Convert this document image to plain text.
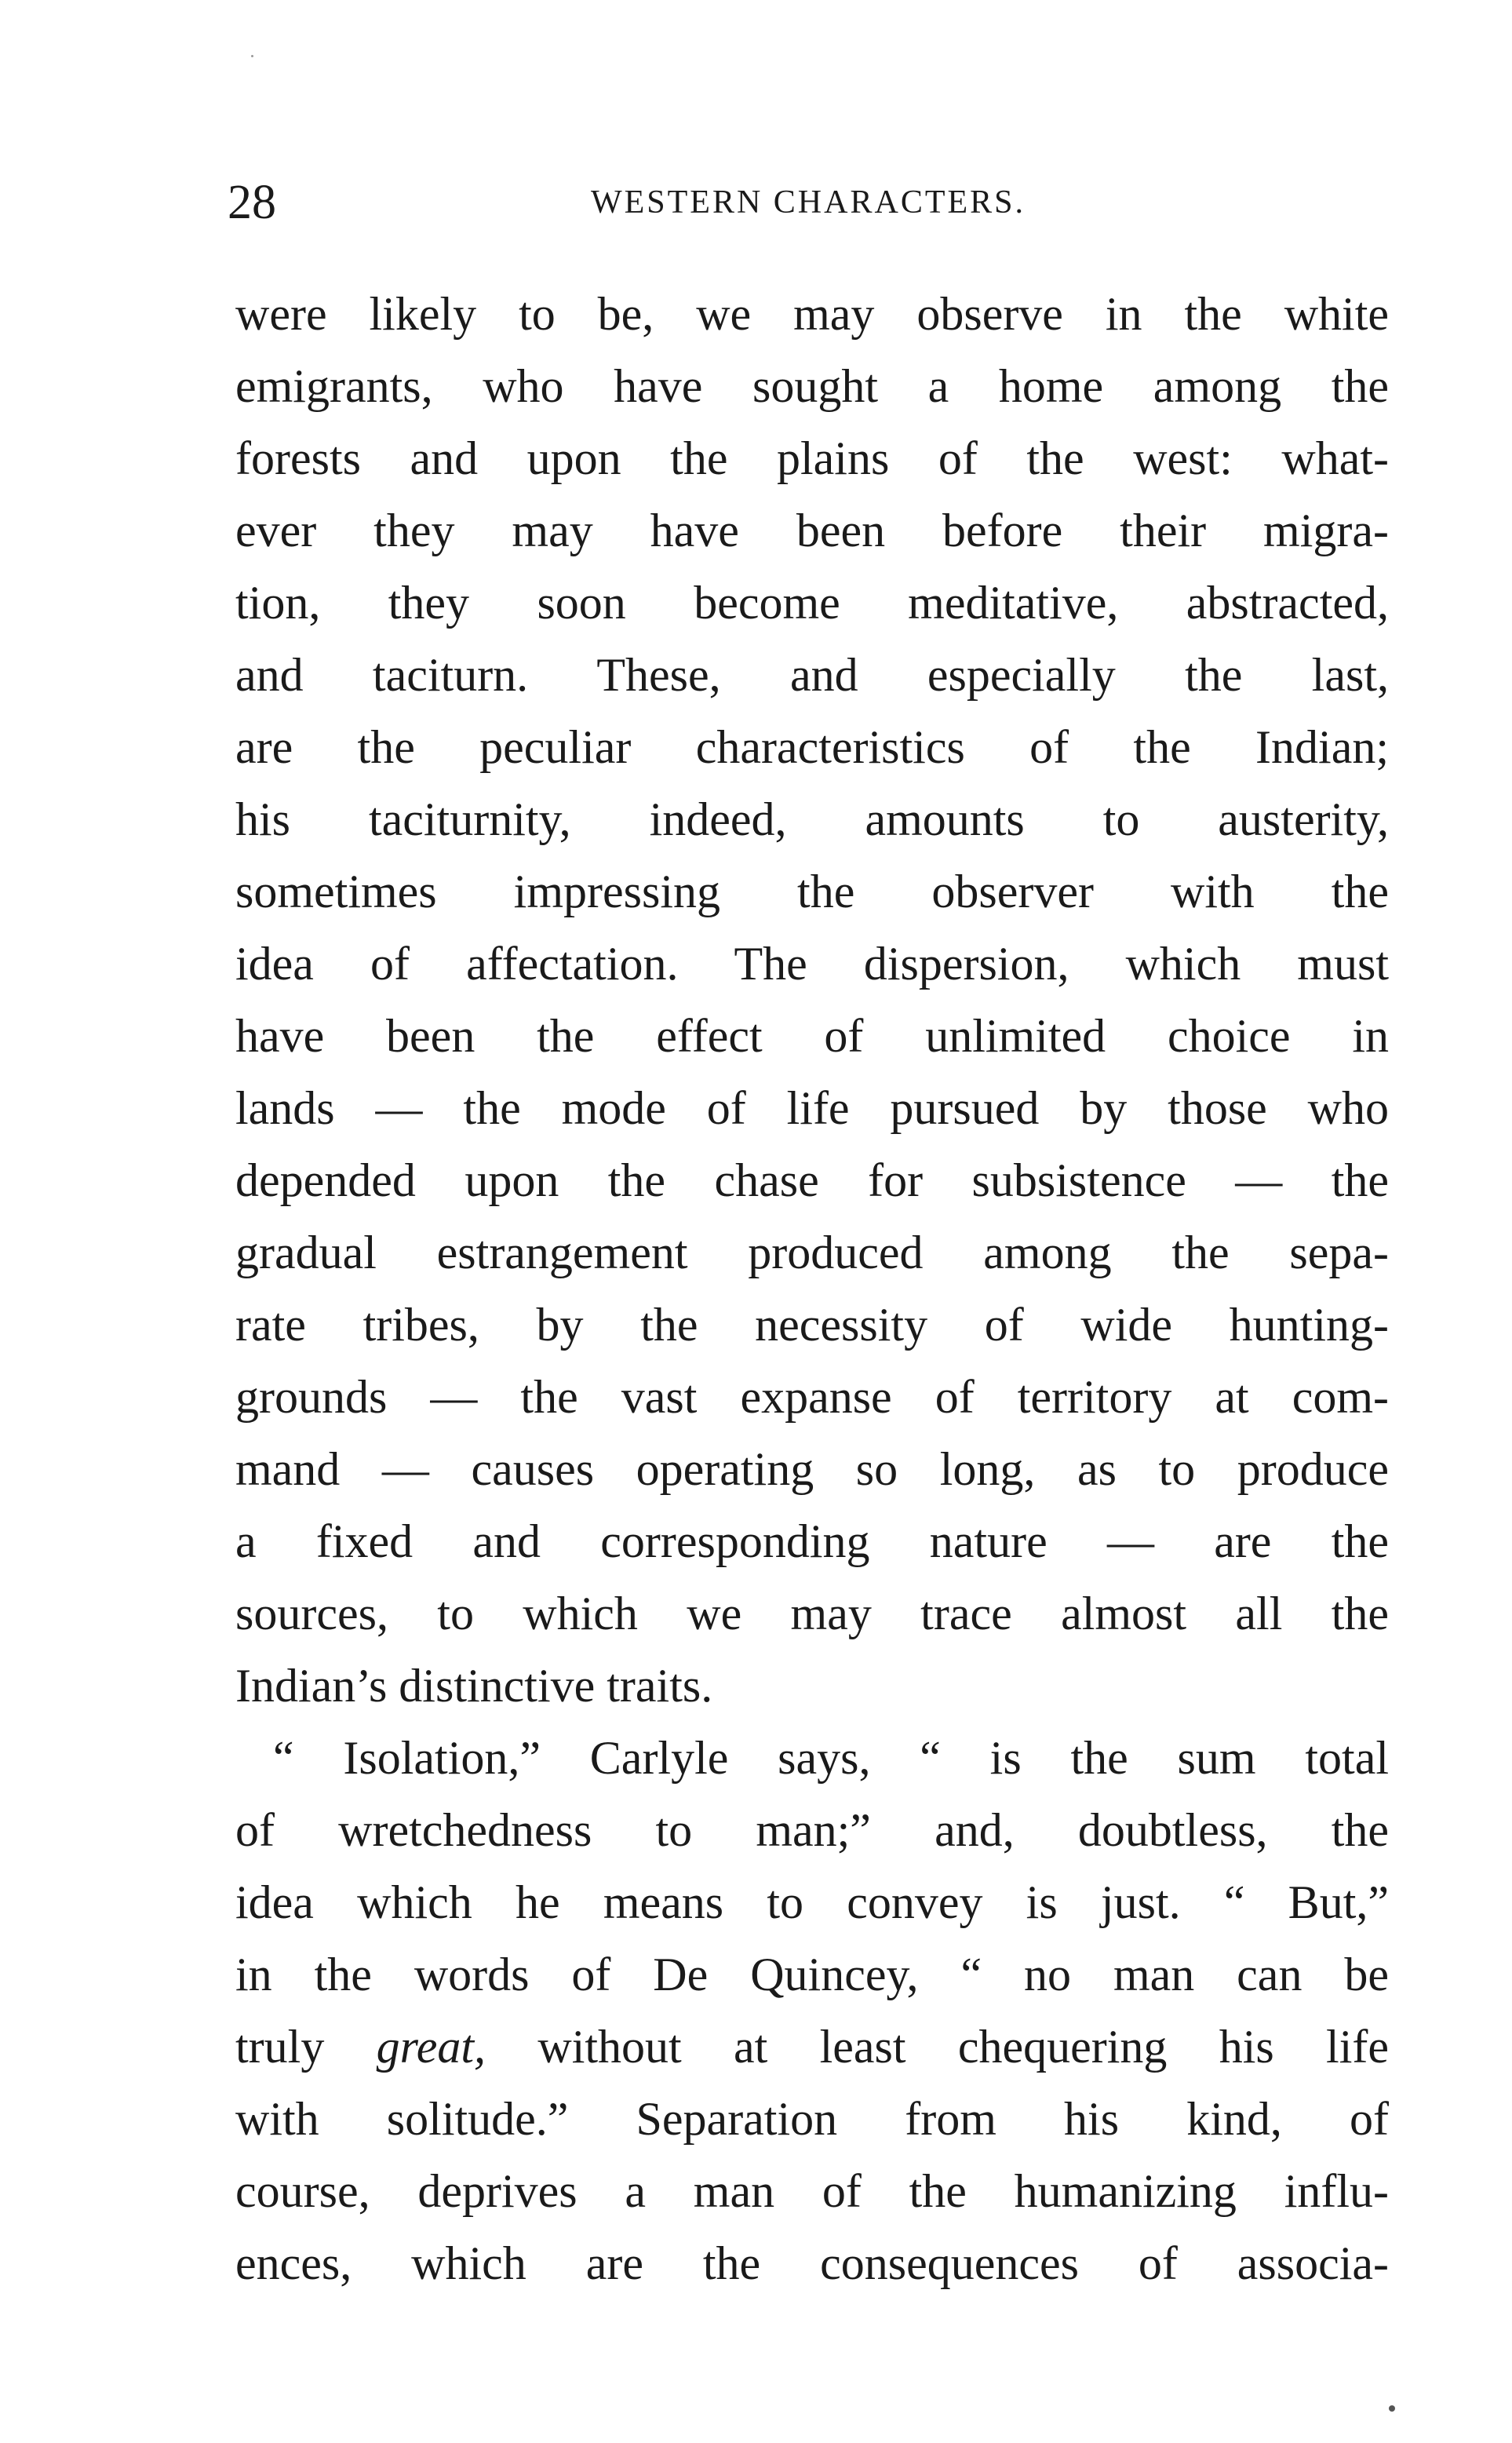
28	WESTERN CHARACTERS.
were likely to be, we may observe in the white
emigrants, who have sought a home among the
forests and upon the plains of the west: what-
ever they may have been before their migra-
tion, they soon become meditative, abstracted,
and taciturn. These, and especially the last,
are the peculiar characteristics of the Indian;
his taciturnity, indeed, amounts to austerity,
sometimes impressing the observer with the
idea of affectation. The dispersion, which must
have been the effect of unlimited choice in
lands — the mode of life pursued by those who
depended upon the chase for subsistence — the
gradual estrangement produced among the sepa-
rate tribes, by the necessity of wide hunting-
grounds — the vast expanse of territory at com-
mand — causes operating so long, as to produce
a fixed and corresponding nature — are the
sources, to which we may trace almost all the
Indian’s distinctive traits.
“ Isolation,” Carlyle says, “ is the sum total
of wretchedness to man;” and, doubtless, the
idea which he means to convey is just. “ But,”
in the words of De Quincey, “ no man can be
truly great, without at least chequering his life
with solitude.” Separation from his kind, of
course, deprives a man of the humanizing influ-
ences, which are the consequences of associa-
